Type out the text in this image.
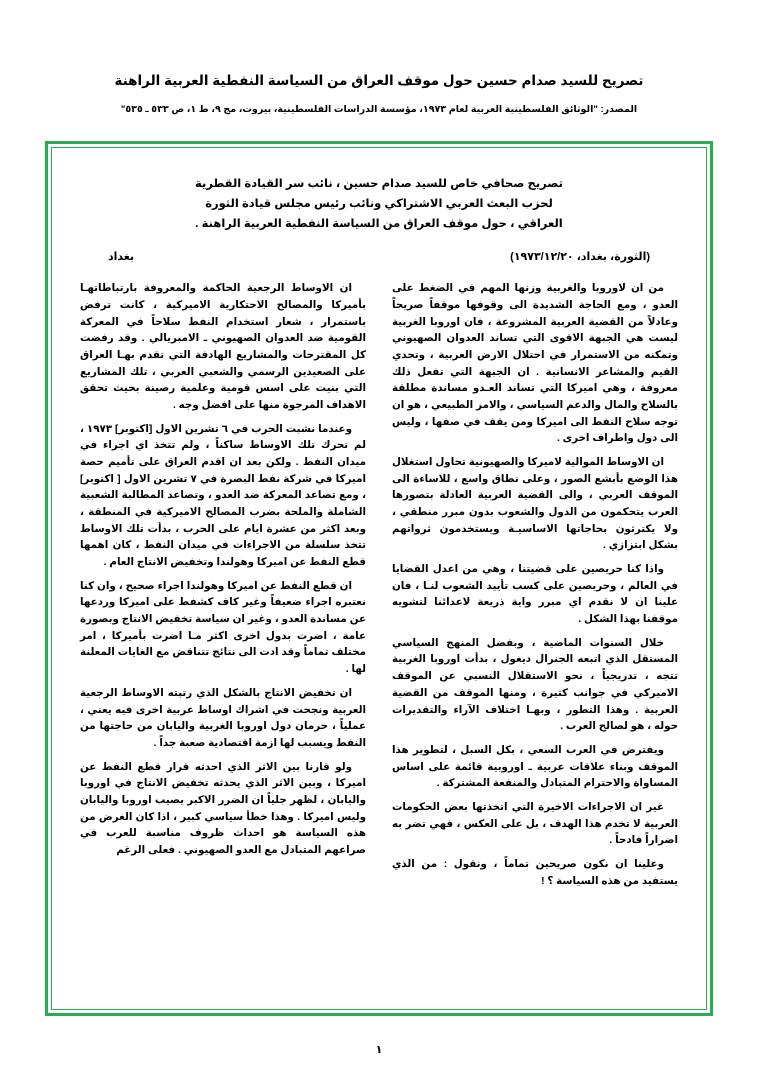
تصريح للسيد صدام حسين حول موقف العراق من السياسة النفطية العربية الراهنة
المصدر: "الوثائق الفلسطينية العربية لعام ١٩٧٣، مؤسسة الدراسات الفلسطينية، بيروت، مج ٩، ط ١، ص ٥٣٣ ـ ٥٣٥"
تصريح صحافي خاص للسيد صدام حسين ، نائب سر القيادة القطرية لحزب البعث العربي الاشتراكي ونائب رئيس مجلس قيادة الثورة العراقي ، حول موقف العراق من السياسة النفطية العربية الراهنة .
(الثورة، بغداد، ١٩٧٣/١٢/٢٠)
بغداد

من ان لاوروبا والغربية وزنها المهم في الضغط على العدو ، ومع الحاجة الشديدة الى وقوفها موقفاً صريحاً وعادلاً من القضية العربية المشروعة ، فان اوروبا الغربية ليست هي الجبهة الاقوى التي تساند العدوان الصهيوني وتمكنه من الاستمرار في احتلال الارض العربية ، وتحدي القيم والمشاعر الانسانية . ان الجبهة التي تفعل ذلك معروفة ، وهي اميركا التي تساند العـدو مساندة مطلقة بالسلاح والمال والدعم السياسي ، والامر الطبيعي ، هو ان توجه سلاح النفط الى اميركا ومن يقف في صفها ، وليس الى دول واطراف اخرى .

ان الاوساط الموالية لاميركا والصهيونية تحاول استغلال هذا الوضع بأبشع الصور ، وعلى نطاق واسع ، للاساءة الى الموقف العربي ، والى القضية العربية العادلة بتصورها العرب يتحكمون من الدول والشعوب بدون مبرر منطقي ، ولا يكترثون بحاجاتها الاساسيـة ويستخدمون ثرواتهم بشكل ابتزازي .

واذا كنا حريصين على قضيتنا ، وهي من اعدل القضايا في العالم ، وحريصين على كسب تأييد الشعوب لنـا ، فان علينا ان لا نقدم اي مبرر واية ذريعة لاعدائنا لتشويه موقفنا بهذا الشكل .

خلال السنوات الماضية ، وبفضل المنهج السياسي المستقل الذي اتبعه الجنرال ديغول ، بدأت اوروبا الغربية تتجه ، تدريجياً ، نحو الاستقلال النسبي عن الموقف الاميركي في جوانب كثيرة ، ومنها الموقف من القضية العربية . وهذا التطور ، وبهـا اختلاف الآراء والتقديرات حوله ، هو لصالح العرب .

ويفترض في العرب السعي ، بكل السبل ، لتطوير هذا الموقف وبناء علاقات عربية ـ اوروبية قائمة على اساس المساواة والاحترام المتبادل والمنفعة المشتركة .

غير ان الاجراءات الاخيرة التي اتخذتها بعض الحكومات العربية لا تخدم هذا الهدف ، بل على العكس ، فهي تضر به اضراراً فادحاً .

وعلينا ان نكون صريحين تماماً ، ونقول : من الذي يستفيد من هذه السياسة ؟ !

ان الاوساط الرجعية الحاكمة والمعروفة بارتباطاتهـا بأميركا والمصالح الاحتكارية الاميركية ، كانت ترفض باستمرار ، شعار استخدام النفط سلاحاً في المعركة القومية ضد العدوان الصهيوني ـ الامبريالي . وقد رفضت كل المقترحات والمشاريع الهادفة التي تقدم بهـا العراق على الصعيدين الرسمي والشعبي العربي ، تلك المشاريع التي بنيت على اسس قومية وعلمية رصينة بحيث تحقق الاهداف المرجوة منها على افضل وجه .

وعندما نشبت الحرب في ٦ تشرين الاول [اكتوبر] ١٩٧٣ ، لم تحرك تلك الاوساط ساكناً ، ولم تتخذ اي اجراء في ميدان النفط . ولكن بعد ان اقدم العراق على تأميم حصة اميركا في شركة نفط البصرة في ٧ تشرين الاول [ اكتوبر] ، ومع تصاعد المعركة ضد العدو ، وتصاعد المطالبة الشعبية الشاملة والملحة بضرب المصالح الاميركية في المنطقة ، وبعد اكثر من عشرة ايام على الحرب ، بدأت تلك الاوساط تتخذ سلسلة من الاجراءات في ميدان النفط ، كان اهمها قطع النفط عن اميركا وهولندا وتخفيض الانتاج العام .

ان قطع النفط عن اميركا وهولندا اجراء صحيح ، وان كنا نعتبره اجراء ضعيفاً وغير كاف كشفط على اميركا وردعها عن مساندة العدو ، وغير ان سياسة تخفيض الانتاج وبصورة عامة ، اضرت بدول اخرى اكثر مـا اضرت بأميركا ، امر مختلف تماماً وقد ادت الى نتائج تتناقض مع الغايات المعلنة لها .

ان تخفيض الانتاج بالشكل الذي رتبته الاوساط الرجعية العربية ونجحت في اشراك اوساط عربية اخرى فيه يعني ، عملياً ، حرمان دول اوروبا الغربية واليابان من حاجتها من النفط ويسبب لها ازمة اقتصادية صعبة جداً .

ولو قارنا بين الاثر الذي احدثه قرار قطع النفط عن اميركا ، وبين الاثر الذي يحدثه تخفيض الانتاج في اوروبا واليابان ، لظهر جلياً ان الضرر الاكبر يصيب اوروبا واليابان وليس اميركا . وهذا خطأ سياسي كبير ، اذا كان الغرض من هذه السياسة هو احداث ظروف مناسبة للعرب في صراعهم المتبادل مع العدو الصهيوني . فعلى الرغم

١
